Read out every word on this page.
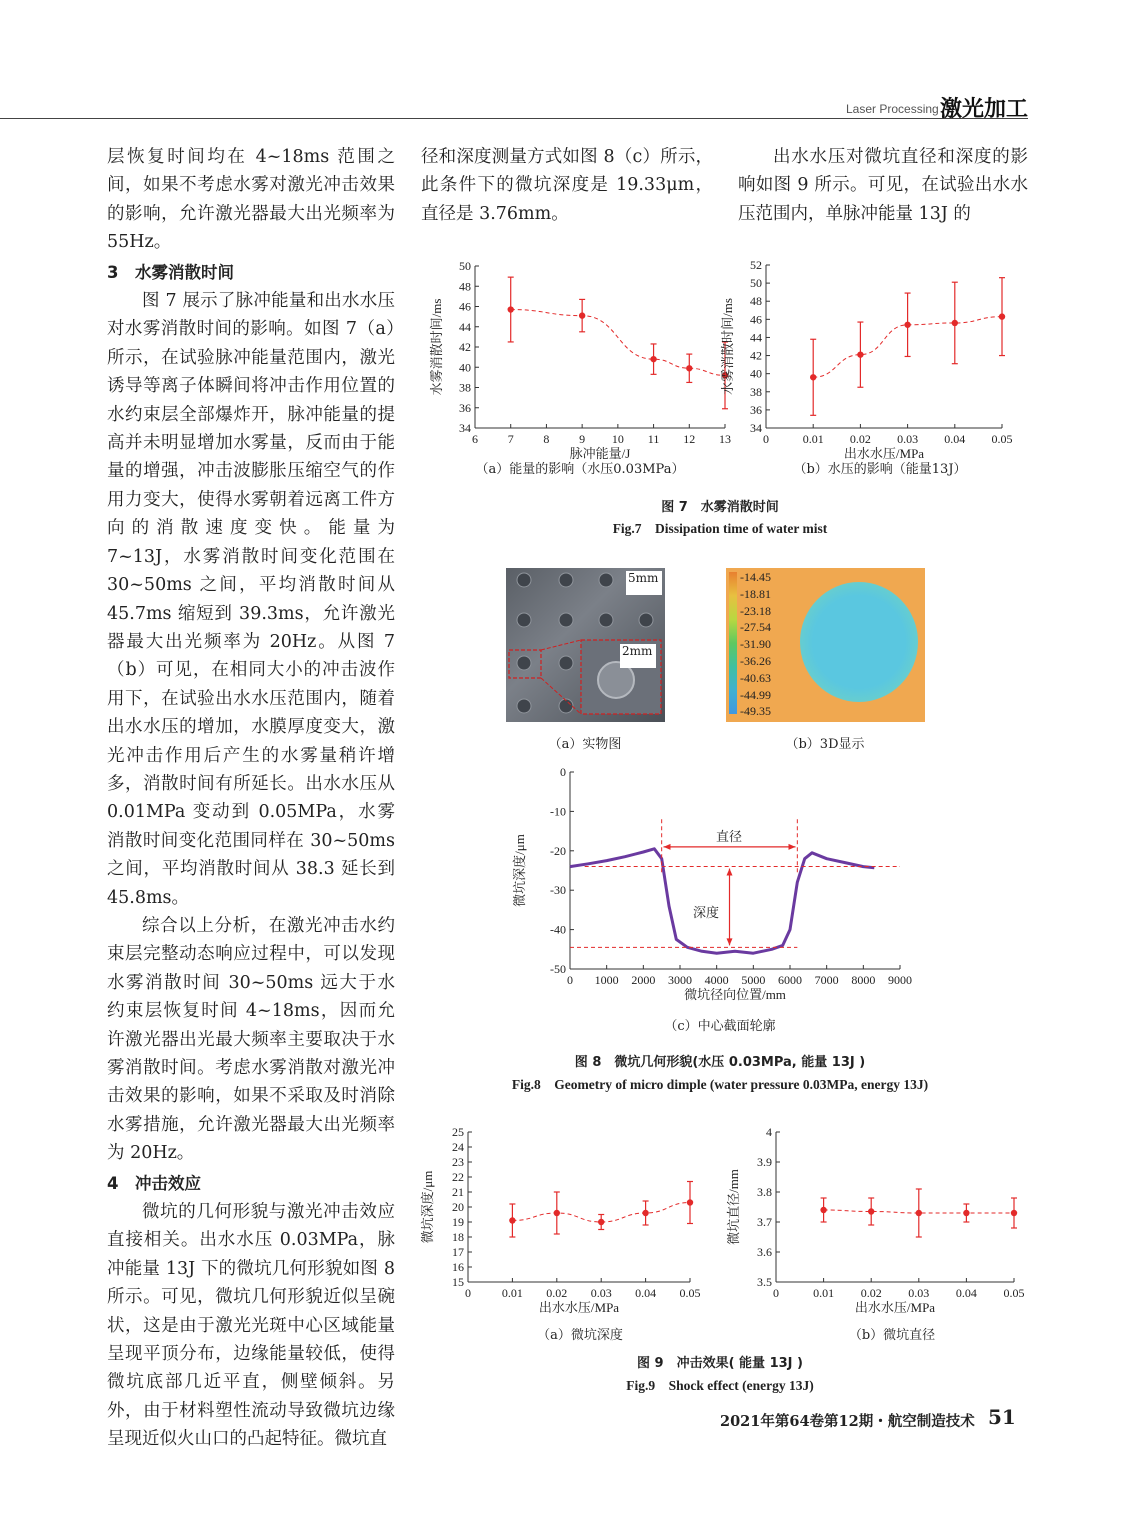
Laser Processing 激光加工

层恢复时间均在 4~18ms 范围之间，如果不考虑水雾对激光冲击效果的影响，允许激光器最大出光频率为 55Hz。

3　水雾消散时间

图 7 展示了脉冲能量和出水水压对水雾消散时间的影响。如图 7（a）所示，在试验脉冲能量范围内，激光诱导等离子体瞬间将冲击作用位置的水约束层全部爆炸开，脉冲能量的提高并未明显增加水雾量，反而由于能量的增强，冲击波膨胀压缩空气的作用力变大，使得水雾朝着远离工件方向的消散速度变快。能量为 7~13J，水雾消散时间变化范围在 30~50ms 之间，平均消散时间从 45.7ms 缩短到 39.3ms，允许激光器最大出光频率为 20Hz。从图 7（b）可见，在相同大小的冲击波作用下，在试验出水水压范围内，随着出水水压的增加，水膜厚度变大，激光冲击作用后产生的水雾量稍许增多，消散时间有所延长。出水水压从 0.01MPa 变动到 0.05MPa，水雾消散时间变化范围同样在 30~50ms 之间，平均消散时间从 38.3 延长到 45.8ms。

综合以上分析，在激光冲击水约束层完整动态响应过程中，可以发现水雾消散时间 30~50ms 远大于水约束层恢复时间 4~18ms，因而允许激光器出光最大频率主要取决于水雾消散时间。考虑水雾消散对激光冲击效果的影响，如果不采取及时消除水雾措施，允许激光器最大出光频率为 20Hz。

4　冲击效应

微坑的几何形貌与激光冲击效应直接相关。出水水压 0.03MPa，脉冲能量 13J 下的微坑几何形貌如图 8 所示。可见，微坑几何形貌近似呈碗状，这是由于激光光斑中心区域能量呈现平顶分布，边缘能量较低，使得微坑底部几近平直，侧壁倾斜。另外，由于材料塑性流动导致微坑边缘呈现近似火山口的凸起特征。微坑直

径和深度测量方式如图 8（c）所示，此条件下的微坑深度是 19.33μm，直径是 3.76mm。

出水水压对微坑直径和深度的影响如图 9 所示。可见，在试验出水水压范围内，单脉冲能量 13J 的

34
36
38
40
42
44
46
48
50
6 7 8 9 10 11 12 13
脉冲能量/J
水雾消散时间/ms
34
36
38
40
42
44
46
48
50
52
0	0.01 0.02 0.03 0.04 0.05
出水水压/MPa
水雾消散时间/ms
（a）能量的影响（水压0.03MPa）	（b）水压的影响（能量13J）
图 7　水雾消散时间
Fig.7　Dissipation time of water mist
5mm
2mm
-14.45
-18.81
-23.18
-27.54
-31.90
-36.26
-40.63
-44.99
-49.35
（a）实物图	（b）3D显示
0
-10
-20
-30
-40
-50
0 1000 2000 3000 4000 5000 6000 7000 8000 9000
微坑径向位置/mm
微坑深度/μm	直径
深度
（c）中心截面轮廓
图 8　微坑几何形貌(水压 0.03MPa, 能量 13J )
Fig.8　Geometry of micro dimple (water pressure 0.03MPa, energy 13J)
15
16
17
18
19
20
21
22
23
24
25
0	0.01 0.02 0.03 0.04 0.05
出水水压/MPa
微坑深度/μm
3.5
3.6
3.7
3.8
3.9
4
0	0.01 0.02 0.03 0.04 0.05
出水水压/MPa
微坑直径/mm
（a）微坑深度	（b）微坑直径
图 9　冲击效果( 能量 13J )
Fig.9　Shock effect (energy 13J)
2021年第64卷第12期・航空制造技术 51
